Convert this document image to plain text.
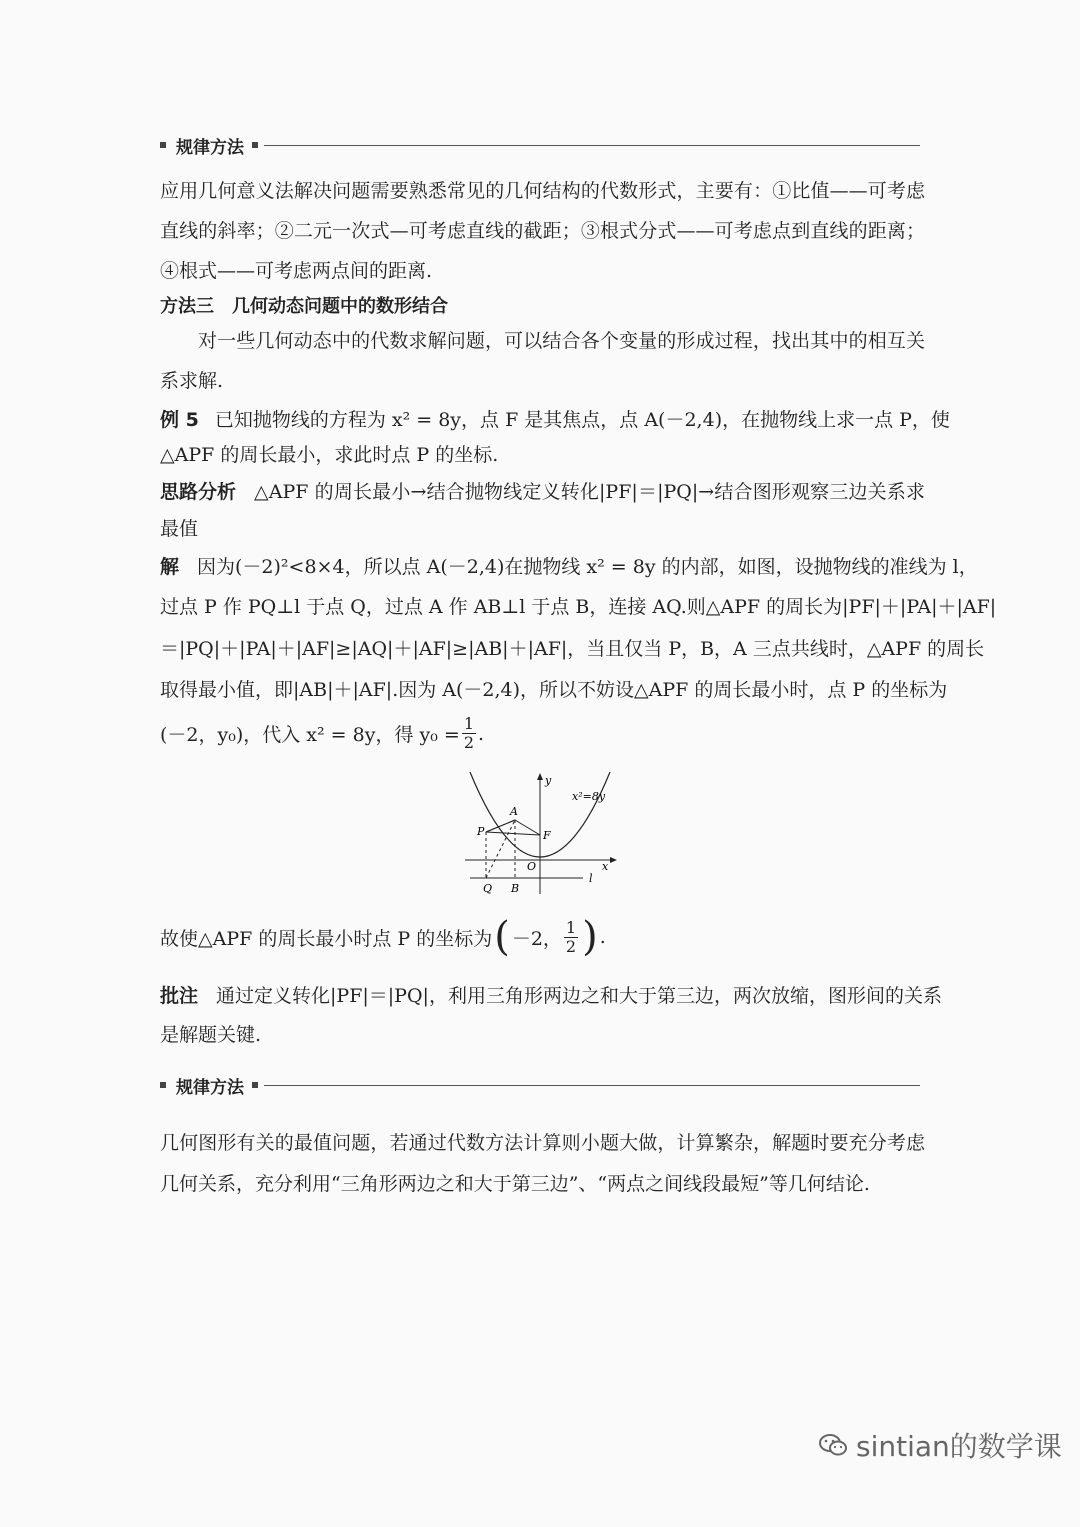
规律方法
应用几何意义法解决问题需要熟悉常见的几何结构的代数形式，主要有：①比值——可考虑
直线的斜率；②二元一次式—可考虑直线的截距；③根式分式——可考虑点到直线的距离；
④根式——可考虑两点间的距离.
方法三　几何动态问题中的数形结合
对一些几何动态中的代数求解问题，可以结合各个变量的形成过程，找出其中的相互关
系求解.
例 5 已知抛物线的方程为 x² = 8y，点 F 是其焦点，点 A(－2,4)，在抛物线上求一点 P，使
△APF 的周长最小，求此时点 P 的坐标.
思路分析 △APF 的周长最小→结合抛物线定义转化|PF|＝|PQ|→结合图形观察三边关系求
最值
解 因为(－2)²<8×4，所以点 A(－2,4)在抛物线 x² = 8y 的内部，如图，设抛物线的准线为 l，
过点 P 作 PQ⊥l 于点 Q，过点 A 作 AB⊥l 于点 B，连接 AQ.则△APF 的周长为|PF|＋|PA|＋|AF|
＝|PQ|＋|PA|＋|AF|≥|AQ|＋|AF|≥|AB|＋|AF|，当且仅当 P，B，A 三点共线时，△APF 的周长
取得最小值，即|AB|＋|AF|.因为 A(－2,4)，所以不妨设△APF 的周长最小时，点 P 的坐标为
(－2，y₀)，代入 x² = 8y，得 $y_0 = \frac{1}{2}$ .
y
x²=8y
x
A
P	F
O
Q B
l
故使△APF 的周长最小时点 P 的坐标为 ( －2， $\frac{1}{2}$ ) .
批注 通过定义转化|PF|＝|PQ|，利用三角形两边之和大于第三边，两次放缩，图形间的关系
是解题关键.
规律方法
几何图形有关的最值问题，若通过代数方法计算则小题大做，计算繁杂，解题时要充分考虑
几何关系，充分利用“三角形两边之和大于第三边”、“两点之间线段最短”等几何结论.
sintian的数学课
